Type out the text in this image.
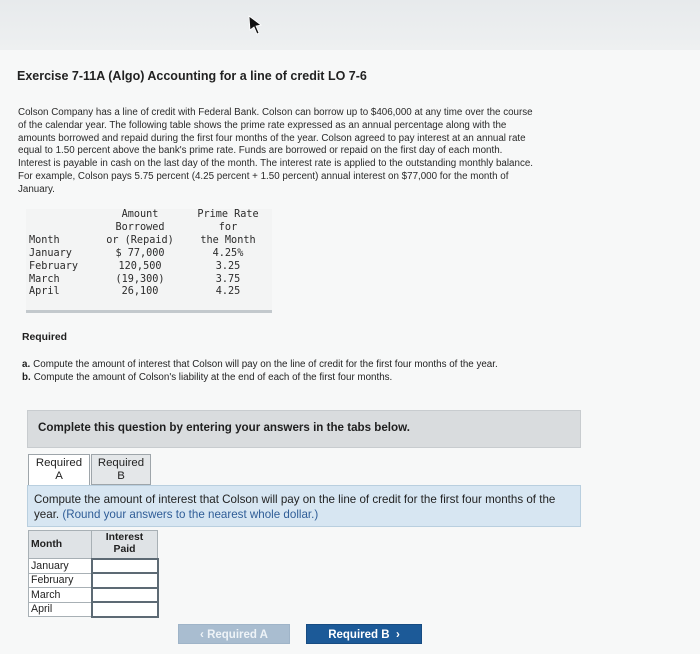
Exercise 7-11A (Algo) Accounting for a line of credit LO 7-6
Colson Company has a line of credit with Federal Bank. Colson can borrow up to $406,000 at any time over the course
of the calendar year. The following table shows the prime rate expressed as an annual percentage along with the
amounts borrowed and repaid during the first four months of the year. Colson agreed to pay interest at an annual rate
equal to 1.50 percent above the bank's prime rate. Funds are borrowed or repaid on the first day of each month.
Interest is payable in cash on the last day of the month. The interest rate is applied to the outstanding monthly balance.
For example, Colson pays 5.75 percent (4.25 percent + 1.50 percent) annual interest on $77,000 for the month of
January.
	Amount	Prime Rate
	Borrowed	for
Month	or (Repaid)	the Month
January	$ 77,000	4.25%
February	120,500	3.25
March	(19,300)	3.75
April	26,100	4.25
Required
a. Compute the amount of interest that Colson will pay on the line of credit for the first four months of the year.
b. Compute the amount of Colson's liability at the end of each of the first four months.
Complete this question by entering your answers in the tabs below.
Required
A
Required
B
Compute the amount of interest that Colson will pay on the line of credit for the first four months of the year. (Round your answers to the nearest whole dollar.)
Month	Interest
Paid

January	
February	
March	
April	
‹ Required A	Required B  ›
